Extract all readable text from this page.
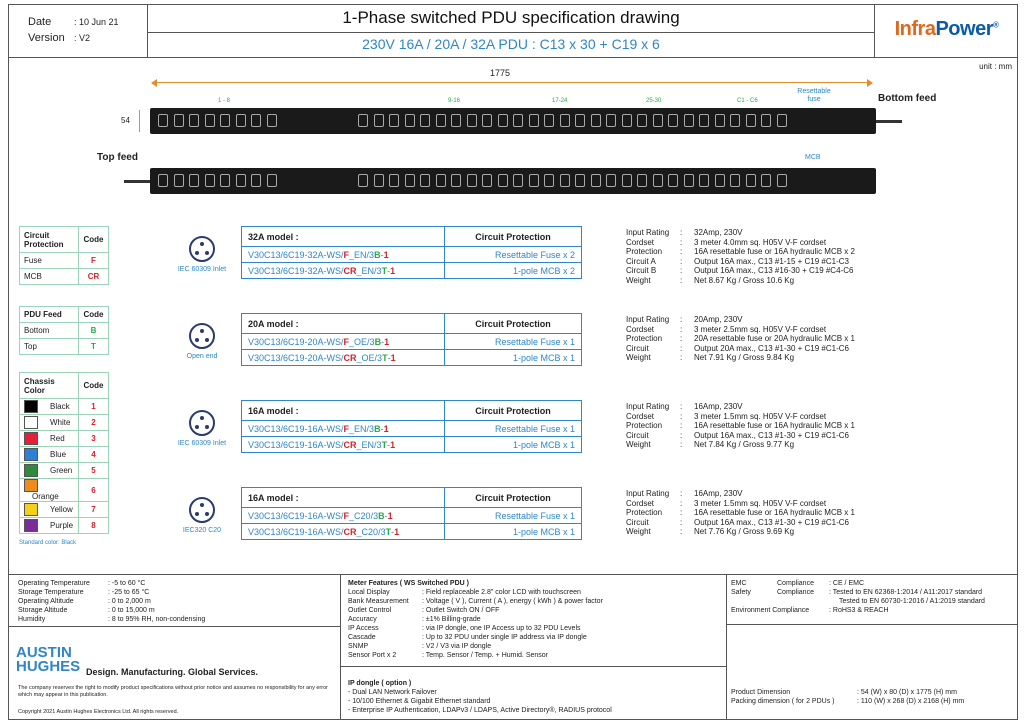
Date	: 10 Jun 21
Version : V2
1-Phase switched PDU specification drawing
230V 16A / 20A / 32A PDU : C13 x 30 + C19 x 6
InfraPower®
unit : mm
1775
1 - 8	9-16	17-24	25-30	C1 - C6
Resettable fuse	Bottom feed
54
Top feed	MCB
Circuit Protection	Code
Fuse	F
MCB	CR
PDU Feed	Code
Bottom	B
Top	T
Chassis Color	Code
Black	1
White	2
Red	3
Blue	4
Green	5
Orange	6
Yellow	7
Purple	8
Standard color: Black
IEC 60309 Inlet
32A model :	Circuit Protection
V30C13/6C19-32A-WS/F_EN/3B-1	Resettable Fuse x 2
V30C13/6C19-32A-WS/CR_EN/3T-1	1-pole MCB x 2
Input Rating : 32Amp, 230V
Cordset	: 3 meter 4.0mm sq. H05V V-F cordset
Protection : 16A resettable fuse or 16A hydraulic MCB x 2
Circuit A	: Output 16A max., C13 #1-15 + C19 #C1-C3
Circuit B	: Output 16A max., C13 #16-30 + C19 #C4-C6
Weight	: Net 8.67 Kg / Gross 10.6 Kg
Open end
20A model :	Circuit Protection
V30C13/6C19-20A-WS/F_OE/3B-1	Resettable Fuse x 1
V30C13/6C19-20A-WS/CR_OE/3T-1	1-pole MCB x 1
Input Rating : 20Amp, 230V
Cordset	: 3 meter 2.5mm sq. H05V V-F cordset
Protection : 20A resettable fuse or 20A hydraulic MCB x 1
Circuit	: Output 20A max., C13 #1-30 + C19 #C1-C6
Weight	: Net 7.91 Kg / Gross 9.84 Kg
IEC 60309 Inlet
16A model :	Circuit Protection
V30C13/6C19-16A-WS/F_EN/3B-1	Resettable Fuse x 1
V30C13/6C19-16A-WS/CR_EN/3T-1	1-pole MCB x 1
Input Rating : 16Amp, 230V
Cordset	: 3 meter 1.5mm sq. H05V V-F cordset
Protection : 16A resettable fuse or 16A hydraulic MCB x 1
Circuit	: Output 16A max., C13 #1-30 + C19 #C1-C6
Weight	: Net 7.84 Kg / Gross 9.77 Kg
IEC320 C20
16A model :	Circuit Protection
V30C13/6C19-16A-WS/F_C20/3B-1	Resettable Fuse x 1
V30C13/6C19-16A-WS/CR_C20/3T-1	1-pole MCB x 1
Input Rating : 16Amp, 230V
Cordset	: 3 meter 1.5mm sq. H05V V-F cordset
Protection : 16A resettable fuse or 16A hydraulic MCB x 1
Circuit	: Output 16A max., C13 #1-30 + C19 #C1-C6
Weight	: Net 7.76 Kg / Gross 9.69 Kg
Operating Temperature	: -5 to 60 °C
Storage Temperature	: -25 to 65 °C
Operating Altitude	: 0 to 2,000 m
Storage Altitude	: 0 to 15,000 m
Humidity	: 8 to 95% RH, non-condensing
AUSTIN
HUGHES Design. Manufacturing. Global Services.
The company reserves the right to modify product specifications without prior notice and assumes no responsibility for any error which may appear in this publication.
Copyright 2021 Austin Hughes Electronics Ltd. All rights reserved.
Meter Features ( WS Switched PDU )
Local Display	: Field replaceable 2.8" color LCD with touchscreen
Bank Measurement : Voltage ( V ), Current ( A ), energy ( kWh ) & power factor
Outlet Control	: Outlet Switch ON / OFF
Accuracy	: ±1% Billing-grade
IP Access	: via IP dongle, one IP Access up to 32 PDU Levels
Cascade	: Up to 32 PDU under single IP address via IP dongle
SNMP	: V2 / V3 via IP dongle
Sensor Port x 2	: Temp. Sensor / Temp. + Humid. Sensor
IP dongle ( option )
- Dual LAN Network Failover
- 10/100 Ethernet & Gigabit Ethernet standard
- Enterprise IP Authentication, LDAPv3 / LDAPS, Active Directory®, RADIUS protocol
EMC	Compliance : CE / EMC
Safety	Compliance : Tested to EN 62368-1:2014 / A11:2017 standard
Tested to EN 60730-1:2016 / A1:2019 standard
Environment Compliance	: RoHS3 & REACH
Product Dimension	: 54 (W) x 80 (D) x 1775 (H) mm
Packing dimension ( for 2 PDUs )	: 110 (W) x 268 (D) x 2168 (H) mm
